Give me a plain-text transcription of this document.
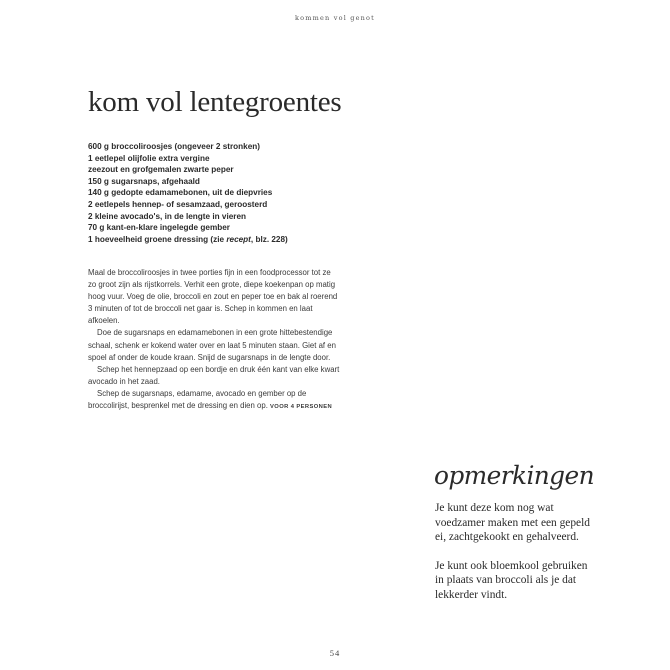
kommen vol genot
kom vol lentegroentes
600 g broccoliroosjes (ongeveer 2 stronken)
1 eetlepel olijfolie extra vergine
zeezout en grofgemalen zwarte peper
150 g sugarsnaps, afgehaald
140 g gedopte edamamebonen, uit de diepvries
2 eetlepels hennep- of sesamzaad, geroosterd
2 kleine avocado's, in de lengte in vieren
70 g kant-en-klare ingelegde gember
1 hoeveelheid groene dressing (zie recept, blz. 228)

Maal de broccoliroosjes in twee porties fijn in een foodprocessor tot ze zo groot zijn als rijstkorrels. Verhit een grote, diepe koekenpan op matig hoog vuur. Voeg de olie, broccoli en zout en peper toe en bak al roerend 3 minuten of tot de broccoli net gaar is. Schep in kommen en laat afkoelen.

Doe de sugarsnaps en edamamebonen in een grote hittebestendige schaal, schenk er kokend water over en laat 5 minuten staan. Giet af en spoel af onder de koude kraan. Snijd de sugarsnaps in de lengte door.

Schep het hennepzaad op een bordje en druk één kant van elke kwart avocado in het zaad.

Schep de sugarsnaps, edamame, avocado en gember op de broccolirijst, besprenkel met de dressing en dien op. VOOR 4 PERSONEN

opmerkingen

Je kunt deze kom nog wat voedzamer maken met een gepeld ei, zachtgekookt en gehalveerd.

Je kunt ook bloemkool gebruiken in plaats van broccoli als je dat lekkerder vindt.

54
